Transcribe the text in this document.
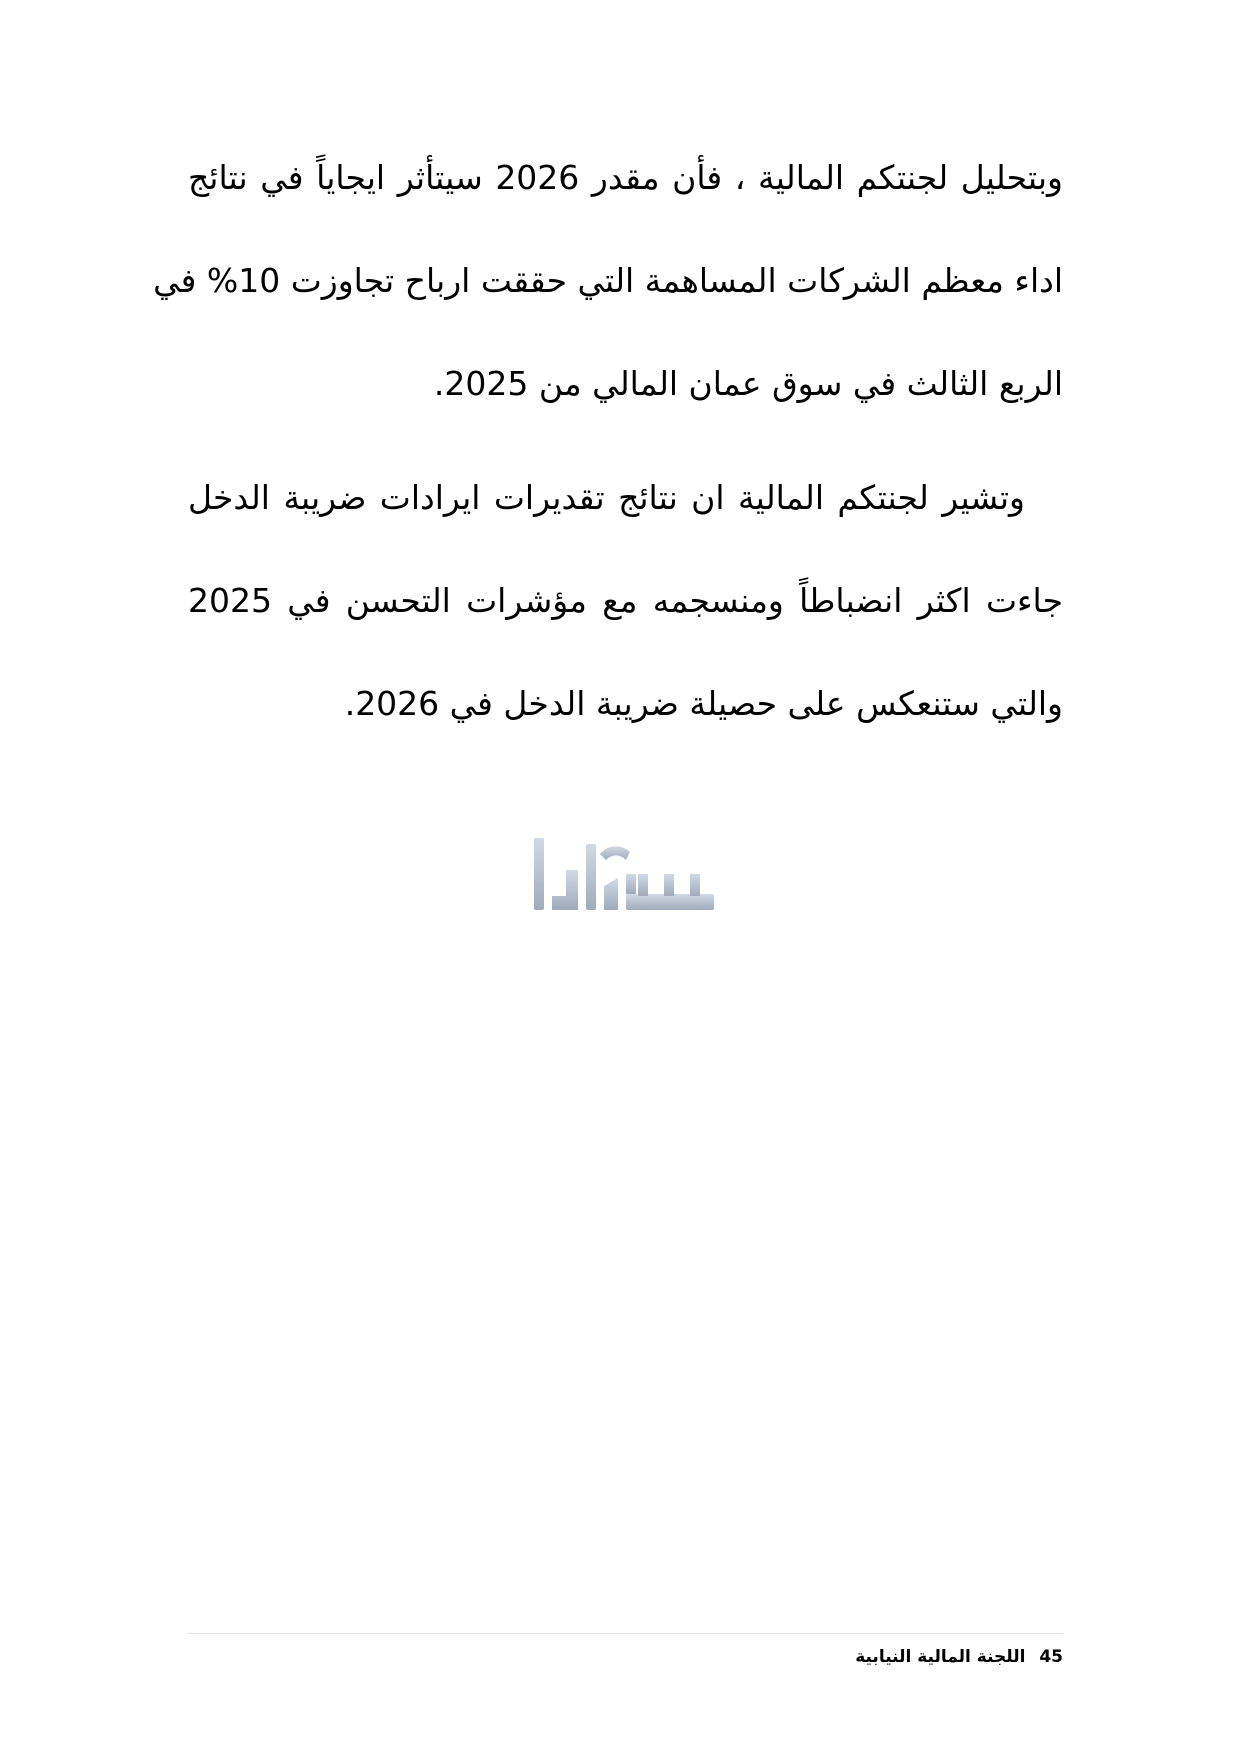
وبتحليل لجنتكم المالية ، فأن مقدر 2026 سيتأثر ايجاياً في نتائج
اداء معظم الشركات المساهمة التي حققت ارباح تجاوزت 10% في
الربع الثالث في سوق عمان المالي من 2025.

وتشير لجنتكم المالية ان نتائج تقديرات ايرادات ضريبة الدخل
جاءت اكثر انضباطاً ومنسجمه مع مؤشرات التحسن في 2025
والتي ستنعكس على حصيلة ضريبة الدخل في 2026.

45 اللجنة المالية النيابية
